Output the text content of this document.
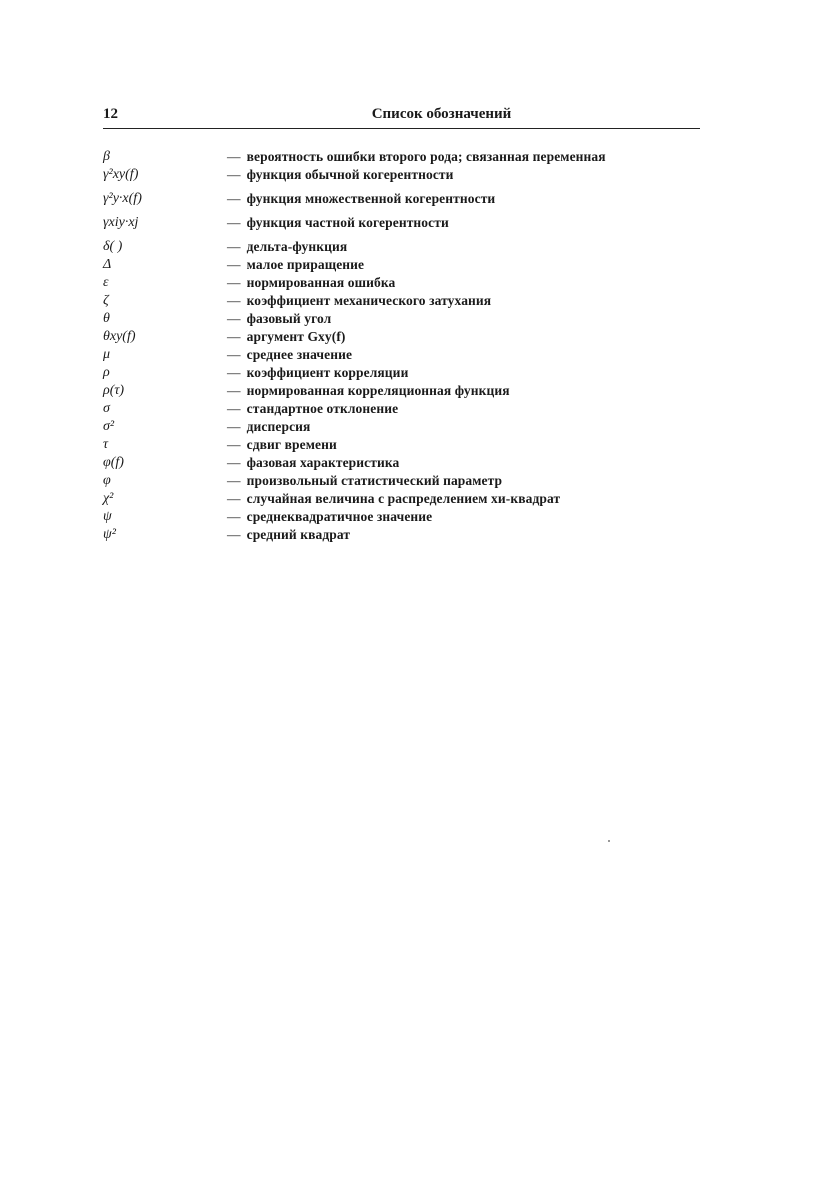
12	Список обозначений
β	— вероятность ошибки второго рода; связанная переменная
γ²xy(f)	— функция обычной когерентности
γ²y·x(f)	— функция множественной когерентности
γxiy·xj	— функция частной когерентности
δ( )	— дельта-функция
Δ	— малое приращение
ε	— нормированная ошибка
ζ	— коэффициент механического затухания
θ	— фазовый угол
θxy(f)	— аргумент Gxy(f)
μ	— среднее значение
ρ	— коэффициент корреляции
ρ(τ)	— нормированная корреляционная функция
σ	— стандартное отклонение
σ²	— дисперсия
τ	— сдвиг времени
φ(f)	— фазовая характеристика
φ	— произвольный статистический параметр
χ²	— случайная величина с распределением хи-квадрат
ψ	— среднеквадратичное значение
ψ²	— средний квадрат
